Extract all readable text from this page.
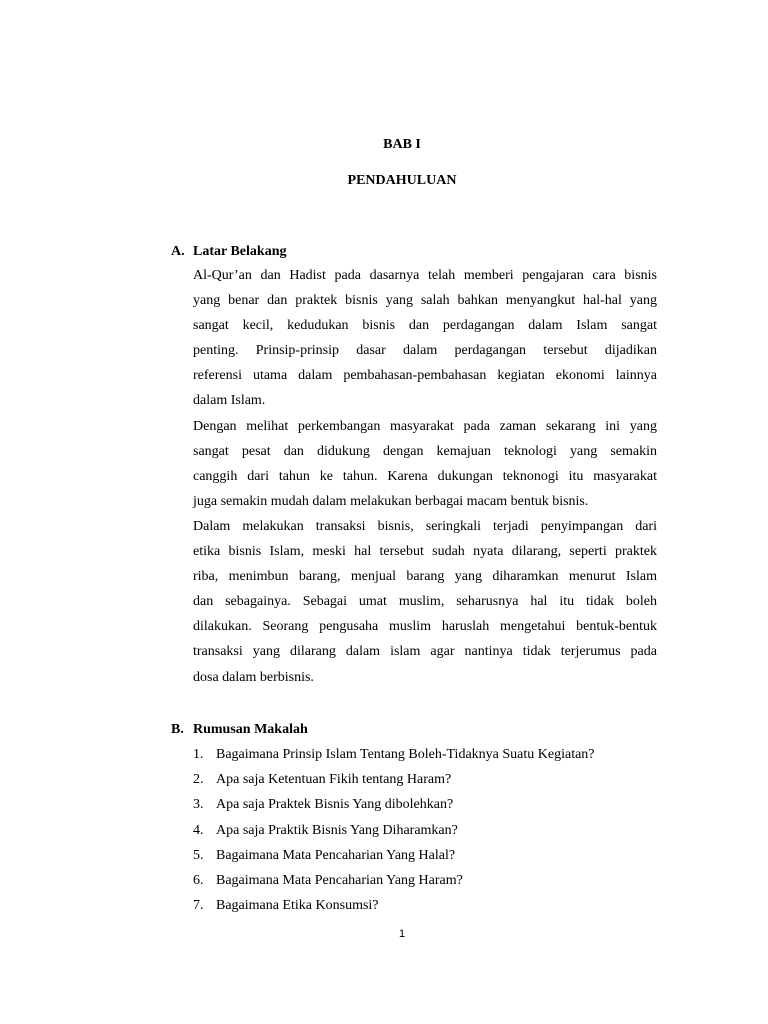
BAB I
PENDAHULUAN
A. Latar Belakang
Al-Qur’an dan Hadist pada dasarnya telah memberi pengajaran cara bisnis
yang benar dan praktek bisnis yang salah bahkan menyangkut hal-hal yang
sangat kecil, kedudukan bisnis dan perdagangan dalam Islam sangat
penting. Prinsip-prinsip dasar dalam perdagangan tersebut dijadikan
referensi utama dalam pembahasan-pembahasan kegiatan ekonomi lainnya
dalam Islam.
Dengan melihat perkembangan masyarakat pada zaman sekarang ini yang
sangat pesat dan didukung dengan kemajuan teknologi yang semakin
canggih dari tahun ke tahun. Karena dukungan teknonogi itu masyarakat
juga semakin mudah dalam melakukan berbagai macam bentuk bisnis.
Dalam melakukan transaksi bisnis, seringkali terjadi penyimpangan dari
etika bisnis Islam, meski hal tersebut sudah nyata dilarang, seperti praktek
riba, menimbun barang, menjual barang yang diharamkan menurut Islam
dan sebagainya. Sebagai umat muslim, seharusnya hal itu tidak boleh
dilakukan. Seorang pengusaha muslim haruslah mengetahui bentuk-bentuk
transaksi yang dilarang dalam islam agar nantinya tidak terjerumus pada
dosa dalam berbisnis.
B. Rumusan Makalah
1. Bagaimana Prinsip Islam Tentang Boleh-Tidaknya Suatu Kegiatan?
2. Apa saja Ketentuan Fikih tentang Haram?
3. Apa saja Praktek Bisnis Yang dibolehkan?
4. Apa saja Praktik Bisnis Yang Diharamkan?
5. Bagaimana Mata Pencaharian Yang Halal?
6. Bagaimana Mata Pencaharian Yang Haram?
7. Bagaimana Etika Konsumsi?
1
